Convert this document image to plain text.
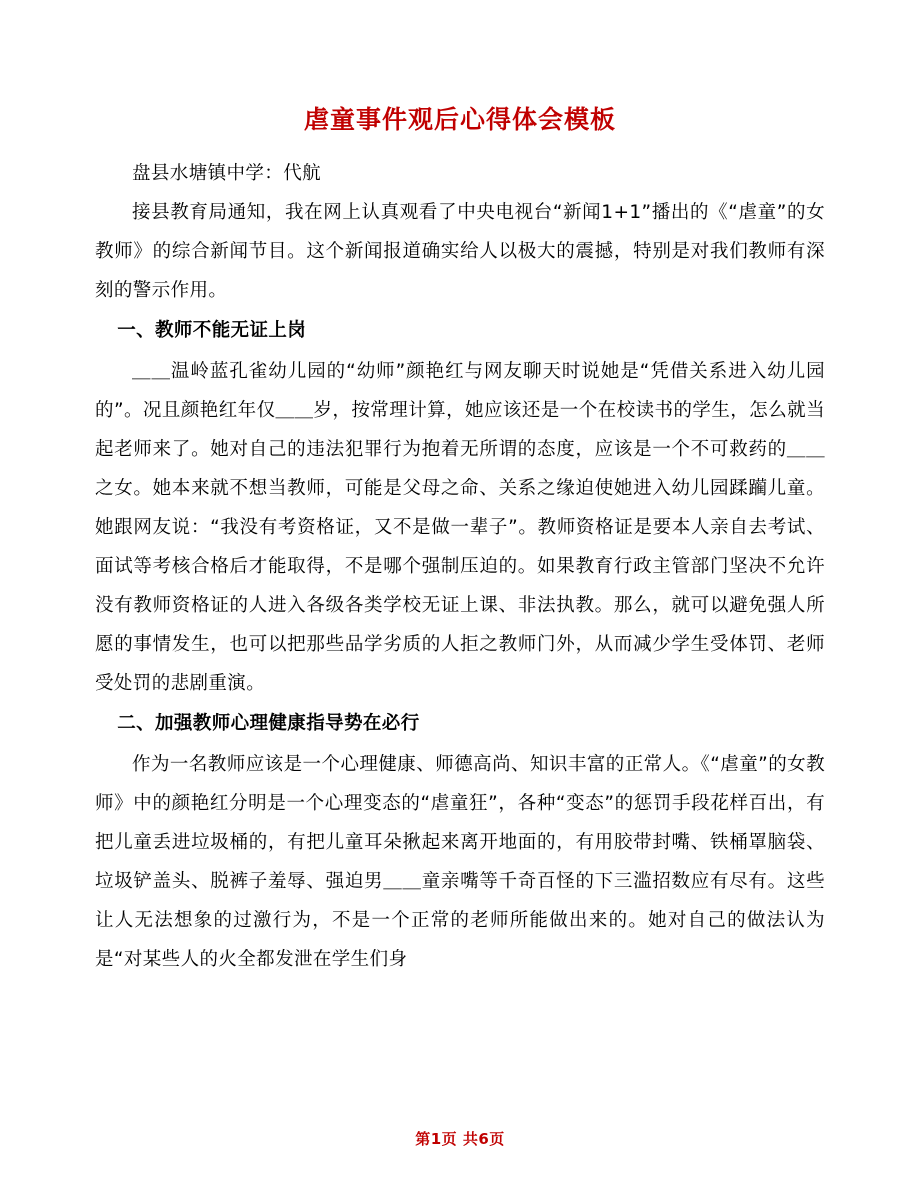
虐童事件观后心得体会模板

盘县水塘镇中学：代航

接县教育局通知，我在网上认真观看了中央电视台“新闻1+1”播出的《“虐童”的女教师》的综合新闻节目。这个新闻报道确实给人以极大的震撼，特别是对我们教师有深刻的警示作用。

一、教师不能无证上岗

＿＿温岭蓝孔雀幼儿园的“幼师”颜艳红与网友聊天时说她是“凭借关系进入幼儿园的”。况且颜艳红年仅＿＿岁，按常理计算，她应该还是一个在校读书的学生，怎么就当起老师来了。她对自己的违法犯罪行为抱着无所谓的态度，应该是一个不可救药的＿＿之女。她本来就不想当教师，可能是父母之命、关系之缘迫使她进入幼儿园蹂躏儿童。她跟网友说：“我没有考资格证，又不是做一辈子”。教师资格证是要本人亲自去考试、面试等考核合格后才能取得，不是哪个强制压迫的。如果教育行政主管部门坚决不允许没有教师资格证的人进入各级各类学校无证上课、非法执教。那么，就可以避免强人所愿的事情发生，也可以把那些品学劣质的人拒之教师门外，从而减少学生受体罚、老师受处罚的悲剧重演。

二、加强教师心理健康指导势在必行

作为一名教师应该是一个心理健康、师德高尚、知识丰富的正常人。《“虐童”的女教师》中的颜艳红分明是一个心理变态的“虐童狂”，各种“变态”的惩罚手段花样百出，有把儿童丢进垃圾桶的，有把儿童耳朵揪起来离开地面的，有用胶带封嘴、铁桶罩脑袋、垃圾铲盖头、脱裤子羞辱、强迫男＿＿童亲嘴等千奇百怪的下三滥招数应有尽有。这些让人无法想象的过激行为，不是一个正常的老师所能做出来的。她对自己的做法认为是“对某些人的火全都发泄在学生们身

第1页 共6页
